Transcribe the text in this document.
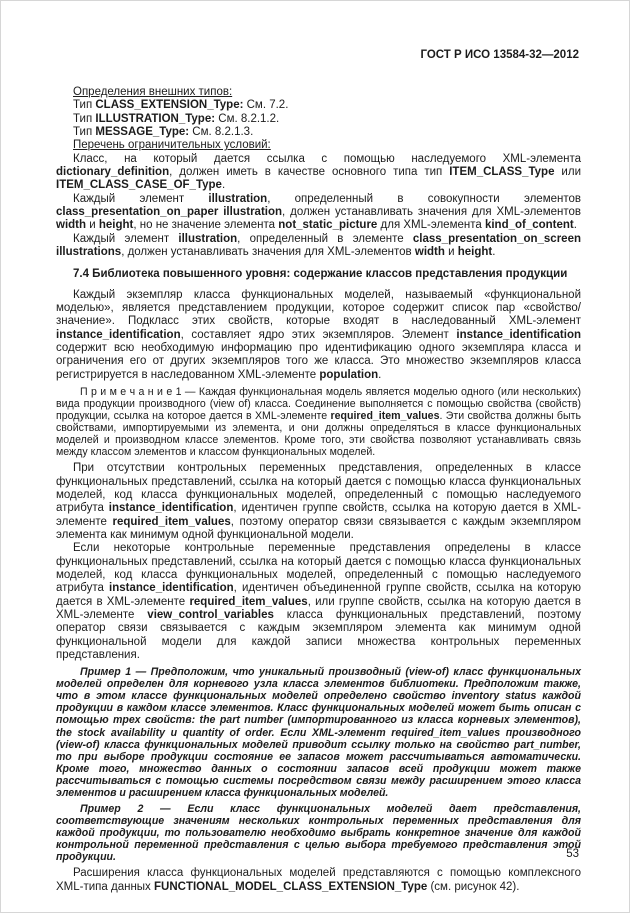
ГОСТ Р ИСО 13584-32—2012

Определения внешних типов:

Тип CLASS_EXTENSION_Type: См. 7.2.

Тип ILLUSTRATION_Type: См. 8.2.1.2.

Тип MESSAGE_Type: См. 8.2.1.3.

Перечень ограничительных условий:

Класс, на который дается ссылка с помощью наследуемого XML-элемента dictionary_definition, должен иметь в качестве основного типа тип ITEM_CLASS_Type или ITEM_CLASS_CASE_OF_Type.

Каждый элемент illustration, определенный в совокупности элементов class_presentation_on_paper illustration, должен устанавливать значения для XML-элементов width и height, но не значение элемента not_static_picture для XML-элемента kind_of_content.

Каждый элемент illustration, определенный в элементе class_presentation_on_screen illustrations, должен устанавливать значения для XML-элементов width и height.

7.4 Библиотека повышенного уровня: содержание классов представления продукции

Каждый экземпляр класса функциональных моделей, называемый «функциональной моделью», является представлением продукции, которое содержит список пар «свойство/значение». Подкласс этих свойств, которые входят в наследованный XML-элемент instance_identification, составляет ядро этих экземпляров. Элемент instance_identification содержит всю необходимую информацию про идентификацию одного экземпляра класса и ограничения его от других экземпляров того же класса. Это множество экземпляров класса регистрируется в наследованном XML-элементе population.

П р и м е ч а н и е 1 — Каждая функциональная модель является моделью одного (или нескольких) вида продукции производного (view of) класса. Соединение выполняется с помощью свойства (свойств) продукции, ссылка на которое дается в XML-элементе required_item_values. Эти свойства должны быть свойствами, импортируемыми из элемента, и они должны определяться в классе функциональных моделей и производном классе элементов. Кроме того, эти свойства позволяют устанавливать связь между классом элементов и классом функциональных моделей.

При отсутствии контрольных переменных представления, определенных в классе функциональных представлений, ссылка на который дается с помощью класса функциональных моделей, код класса функциональных моделей, определенный с помощью наследуемого атрибута instance_identification, идентичен группе свойств, ссылка на которую дается в XML-элементе required_item_values, поэтому оператор связи связывается с каждым экземпляром элемента как минимум одной функциональной модели.

Если некоторые контрольные переменные представления определены в классе функциональных представлений, ссылка на который дается с помощью класса функциональных моделей, код класса функциональных моделей, определенный с помощью наследуемого атрибута instance_identification, идентичен объединенной группе свойств, ссылка на которую дается в XML-элементе required_item_values, или группе свойств, ссылка на которую дается в XML-элементе view_control_variables класса функциональных представлений, поэтому оператор связи связывается с каждым экземпляром элемента как минимум одной функциональной модели для каждой записи множества контрольных переменных представления.

Пример 1 — Предположим, что уникальный производный (view-of) класс функциональных моделей определен для корневого узла класса элементов библиотеки. Предположим также, что в этом классе функциональных моделей определено свойство inventory status каждой продукции в каждом классе элементов. Класс функциональных моделей может быть описан с помощью трех свойств: the part number (импортированного из класса корневых элементов), the stock availability и quantity of order. Если XML-элемент required_item_values производного (view-of) класса функциональных моделей приводит ссылку только на свойство part_number, то при выборе продукции состояние ее запасов может рассчитываться автоматически. Кроме того, множество данных о состоянии запасов всей продукции может также рассчитываться с помощью системы посредством связи между расширением этого класса элементов и расширением класса функциональных моделей.

Пример 2 — Если класс функциональных моделей дает представления, соответствующие значениям нескольких контрольных переменных представления для каждой продукции, то пользователю необходимо выбрать конкретное значение для каждой контрольной переменной представления с целью выбора требуемого представления этой продукции.

Расширения класса функциональных моделей представляются с помощью комплексного XML-типа данных FUNCTIONAL_MODEL_CLASS_EXTENSION_Type (см. рисунок 42).

53
